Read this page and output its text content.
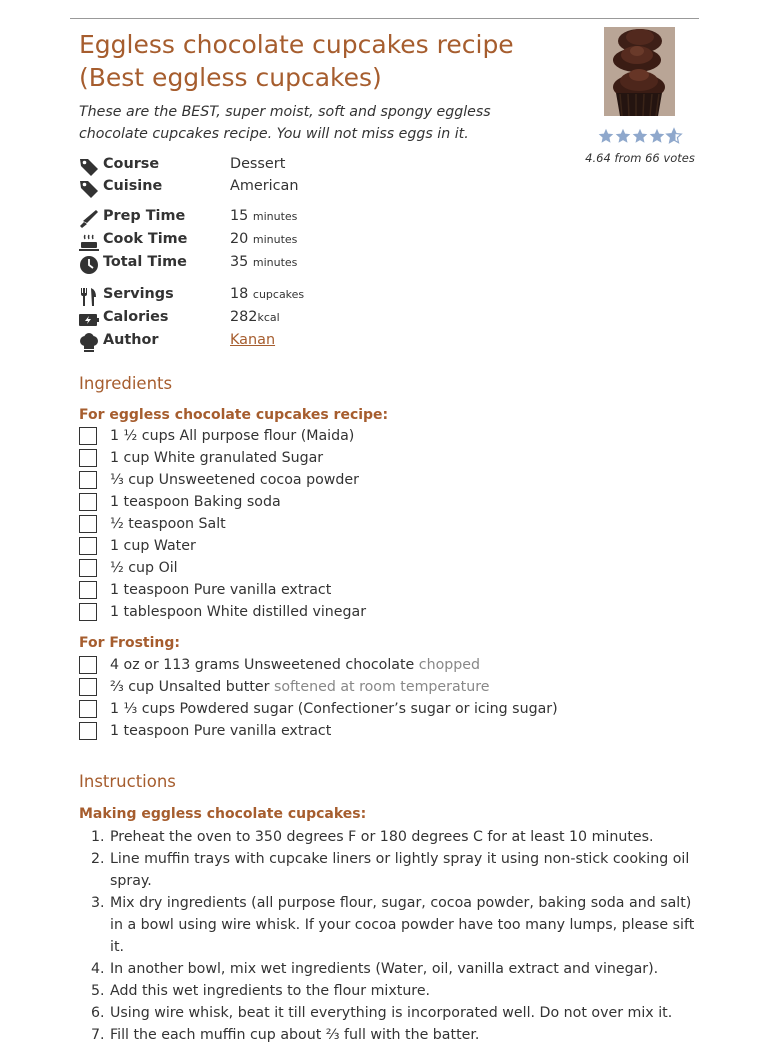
Eggless chocolate cupcakes recipe (Best eggless cupcakes)

These are the BEST, super moist, soft and spongy eggless chocolate cupcakes recipe. You will not miss eggs in it.

4.64 from 66 votes
Course	Dessert
Cuisine	American
Prep Time	15 minutes
Cook Time	20 minutes
Total Time	35 minutes
Servings	18 cupcakes
Calories	282kcal
Author	Kanan
Ingredients
For eggless chocolate cupcakes recipe:
1 ½ cups All purpose flour (Maida)
1 cup White granulated Sugar
⅓ cup Unsweetened cocoa powder
1 teaspoon Baking soda
½ teaspoon Salt
1 cup Water
½ cup Oil
1 teaspoon Pure vanilla extract
1 tablespoon White distilled vinegar
For Frosting:
4 oz or 113 grams Unsweetened chocolate chopped
⅔ cup Unsalted butter softened at room temperature
1 ⅓ cups Powdered sugar (Confectioner’s sugar or icing sugar)
1 teaspoon Pure vanilla extract
Instructions
Making eggless chocolate cupcakes:
1. Preheat the oven to 350 degrees F or 180 degrees C for at least 10 minutes.
2. Line muffin trays with cupcake liners or lightly spray it using non-stick cooking oil spray.
3. Mix dry ingredients (all purpose flour, sugar, cocoa powder, baking soda and salt) in a bowl using wire whisk. If your cocoa powder have too many lumps, please sift it.
4. In another bowl, mix wet ingredients (Water, oil, vanilla extract and vinegar).
5. Add this wet ingredients to the flour mixture.
6. Using wire whisk, beat it till everything is incorporated well. Do not over mix it.
7. Fill the each muffin cup about ⅔ full with the batter.
